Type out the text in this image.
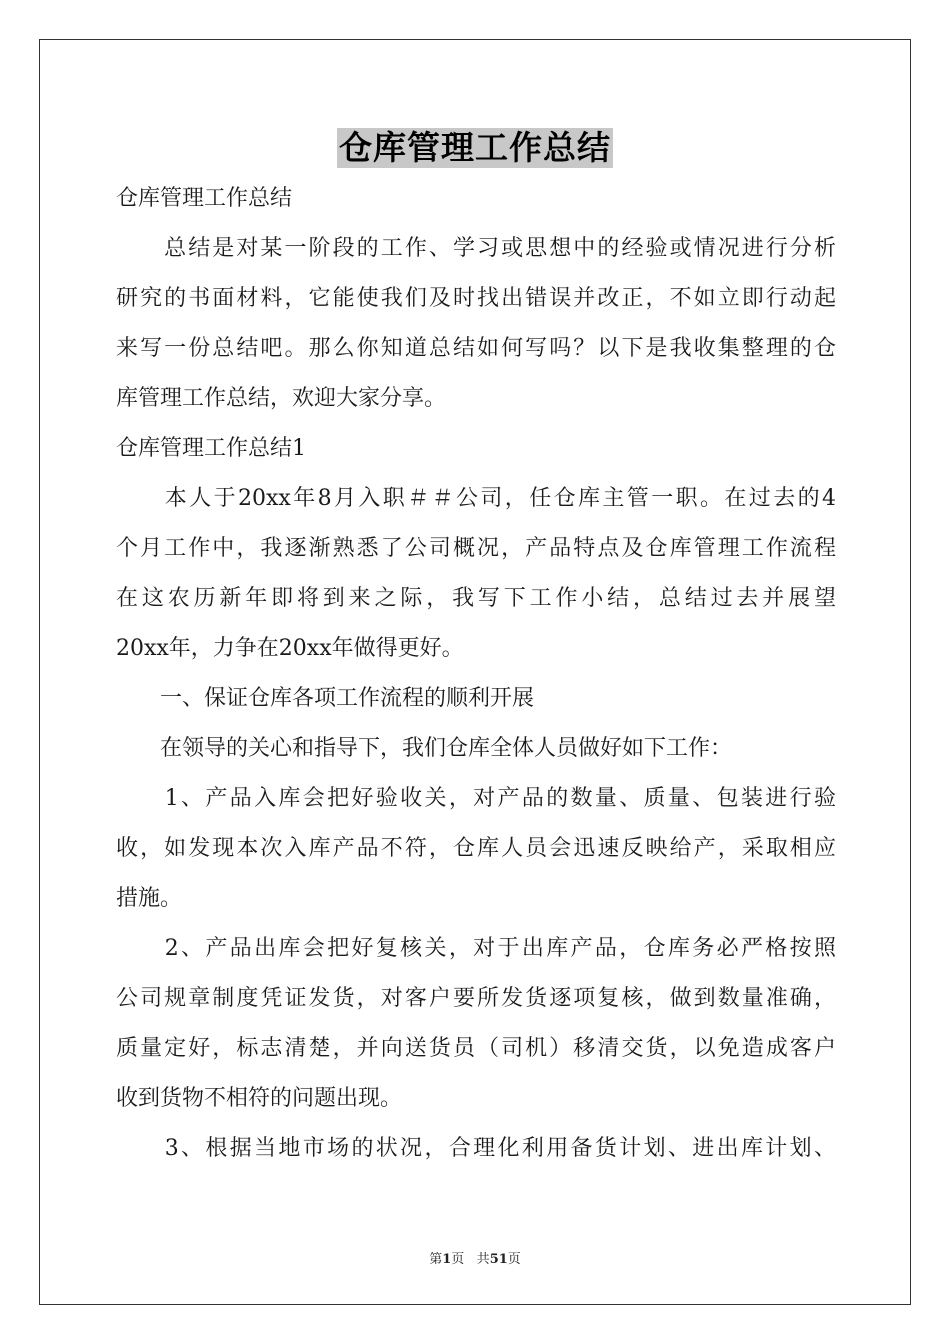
仓库管理工作总结
仓库管理工作总结
　　总结是对某一阶段的工作、学习或思想中的经验或情况进行分析
研究的书面材料，它能使我们及时找出错误并改正，不如立即行动起
来写一份总结吧。那么你知道总结如何写吗？以下是我收集整理的仓
库管理工作总结，欢迎大家分享。
仓库管理工作总结1
　　本人于20xx年8月入职＃＃公司，任仓库主管一职。在过去的4
个月工作中，我逐渐熟悉了公司概况，产品特点及仓库管理工作流程
在这农历新年即将到来之际，我写下工作小结，总结过去并展望
20xx年，力争在20xx年做得更好。
　　一、保证仓库各项工作流程的顺利开展
　　在领导的关心和指导下，我们仓库全体人员做好如下工作：
　　1、产品入库会把好验收关，对产品的数量、质量、包装进行验
收，如发现本次入库产品不符，仓库人员会迅速反映给产，采取相应
措施。
　　2、产品出库会把好复核关，对于出库产品，仓库务必严格按照
公司规章制度凭证发货，对客户要所发货逐项复核，做到数量准确，
质量定好，标志清楚，并向送货员（司机）移清交货，以免造成客户
收到货物不相符的问题出现。
　　3、根据当地市场的状况，合理化利用备货计划、进出库计划、
第1页 共51页
